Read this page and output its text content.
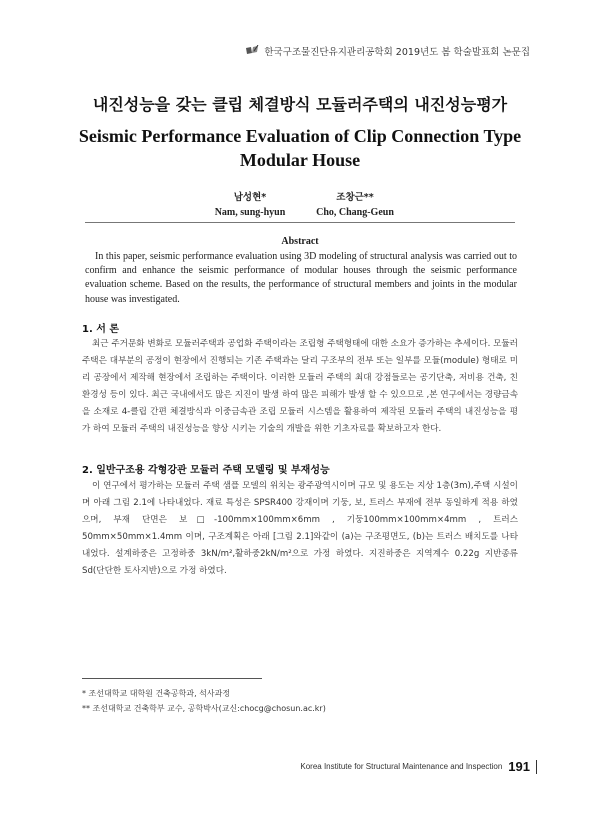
한국구조물진단유지관리공학회 2019년도 봄 학술발표회 논문집
내진성능을 갖는 클립 체결방식 모듈러주택의 내진성능평가
Seismic Performance Evaluation of Clip Connection Type Modular House
남성현*
Nam, sung-hyun
조창근**
Cho, Chang-Geun
Abstract
In this paper, seismic performance evaluation using 3D modeling of structural analysis was carried out to confirm and enhance the seismic performance of modular houses through the seismic performance evaluation scheme. Based on the results, the performance of structural members and joints in the modular house was investigated.
1. 서 론
최근 주거문화 변화로 모듈러주택과 공업화 주택이라는 조립형 주택형태에 대한 소요가 증가하는 추세이다. 모듈러주택은 대부분의 공정이 현장에서 진행되는 기존 주택과는 달리 구조부의 전부 또는 일부를 모듈(module) 형태로 미리 공장에서 제작해 현장에서 조립하는 주택이다. 이러한 모듈러 주택의 최대 강점들로는 공기단축, 저비용 건축, 친환경성 등이 있다. 최근 국내에서도 많은 지진이 발생 하여 많은 피해가 발생 할 수 있으므로 ,본 연구에서는 경량금속을 소재로 4-클립 간편 체결방식과 이중금속관 조립 모듈러 시스템을 활용하여 제작된 모듈러 주택의 내진성능을 평가 하여 모듈러 주택의 내진성능을 향상 시키는 기술의 개발을 위한 기초자료를 확보하고자 한다.
2. 일반구조용 각형강관 모듈러 주택 모델링 및 부재성능
이 연구에서 평가하는 모듈러 주택 샘플 모델의 위치는 광주광역시이며 규모 및 용도는 지상 1층(3m),주택 시설이며 아래 그림 2.1에 나타내었다. 재료 특성은 SPSR400 강재이며 기둥, 보, 트러스 부재에 전부 동일하게 적용 하였으며, 부재 단면은 보□-100mm×100mm×6mm , 기둥100mm×100mm×4mm , 트러스 50mm×50mm×1.4mm 이며, 구조계획은 아래 [그림 2.1]와같이 (a)는 구조평면도, (b)는 트러스 배치도를 나타내었다. 설계하중은 고정하중 3kN/m²,활하중2kN/m²으로 가정 하였다. 지진하중은 지역계수 0.22g 지반종류 Sd(단단한 토사지반)으로 가정 하였다.
* 조선대학교 대학원 건축공학과, 석사과정
** 조선대학교 건축학부 교수, 공학박사(교신:chocg@chosun.ac.kr)
Korea Institute for Structural Maintenance and Inspection 191
